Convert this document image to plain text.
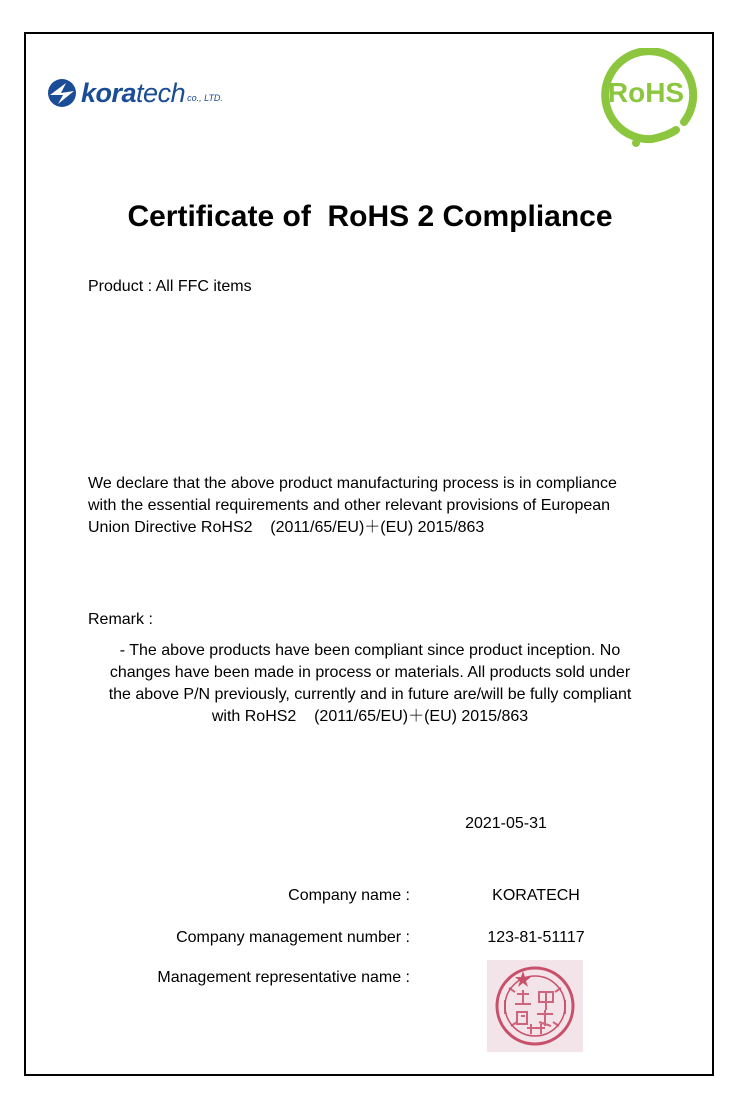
kora tech co., LTD.	RoHS
Certificate of  RoHS 2 Compliance

Product : All FFC items

We declare that the above product manufacturing process is in compliance

with the essential requirements and other relevant provisions of European

Union Directive RoHS2    (2011/65/EU)＋(EU) 2015/863

Remark :

- The above products have been compliant since product inception. No

changes have been made in process or materials. All products sold under

the above P/N previously, currently and in future are/will be fully compliant

with RoHS2    (2011/65/EU)＋(EU) 2015/863

2021-05-31

Company name :	KORATECH

Company management number :	123-81-51117

Management representative name :
